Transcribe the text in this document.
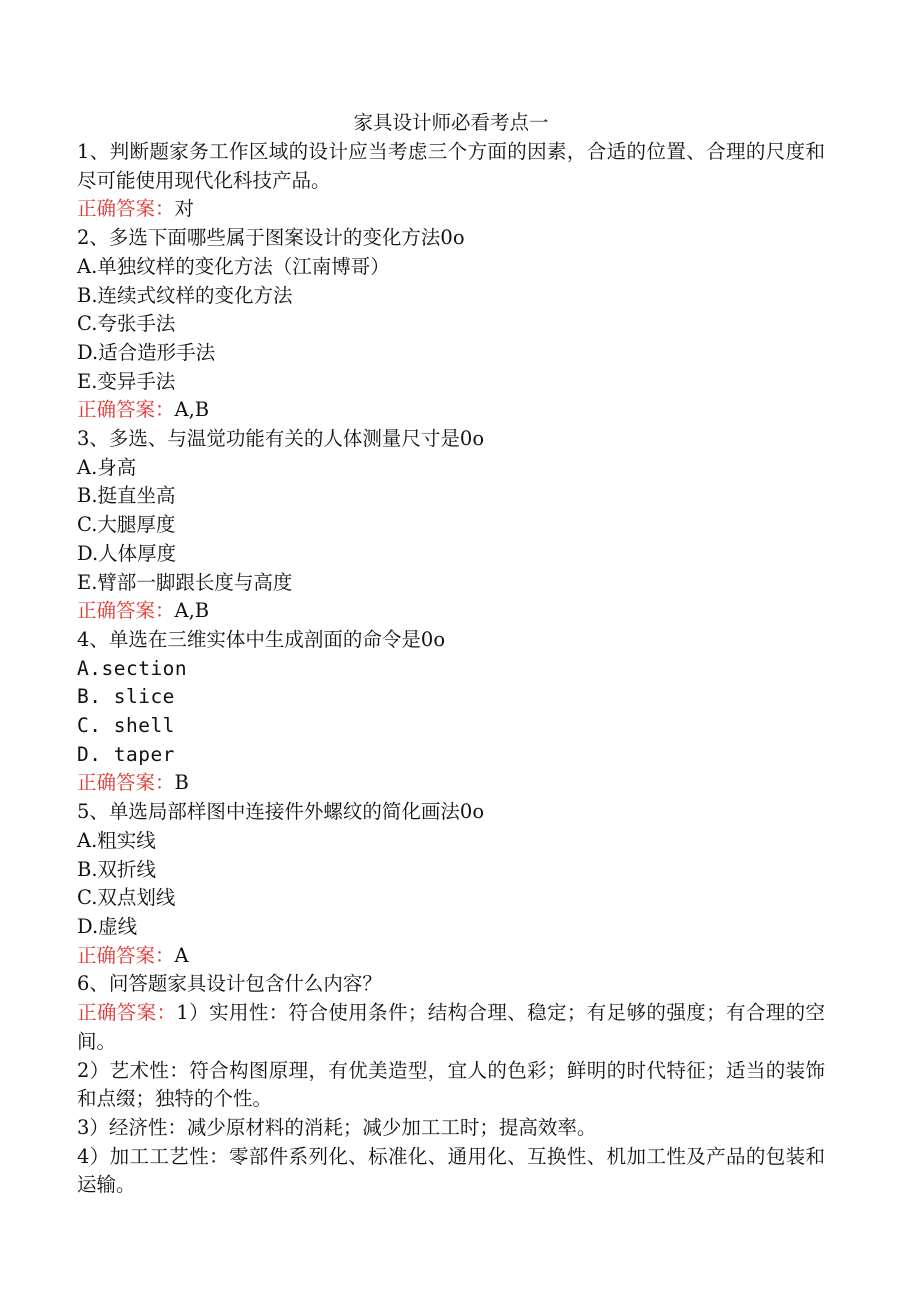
家具设计师必看考点一

1、判断题家务工作区域的设计应当考虑三个方面的因素，合适的位置、合理的尺度和尽可能使用现代化科技产品。

正确答案：对

2、多选下面哪些属于图案设计的变化方法0o

A.单独纹样的变化方法（江南博哥）

B.连续式纹样的变化方法

C.夸张手法

D.适合造形手法

E.变异手法

正确答案：A,B

3、多选、与温觉功能有关的人体测量尺寸是0o

A.身高

B.挺直坐高

C.大腿厚度

D.人体厚度

E.臂部一脚跟长度与高度

正确答案：A,B

4、单选在三维实体中生成剖面的命令是0o

A.section

B. slice

C. shell

D. taper

正确答案：B

5、单选局部样图中连接件外螺纹的简化画法0o

A.粗实线

B.双折线

C.双点划线

D.虚线

正确答案：A

6、问答题家具设计包含什么内容？

正确答案：1）实用性：符合使用条件；结构合理、稳定；有足够的强度；有合理的空间。

2）艺术性：符合构图原理，有优美造型，宜人的色彩；鲜明的时代特征；适当的装饰和点缀；独特的个性。

3）经济性：减少原材料的消耗；减少加工工时；提高效率。

4）加工工艺性：零部件系列化、标准化、通用化、互换性、机加工性及产品的包装和运输。
